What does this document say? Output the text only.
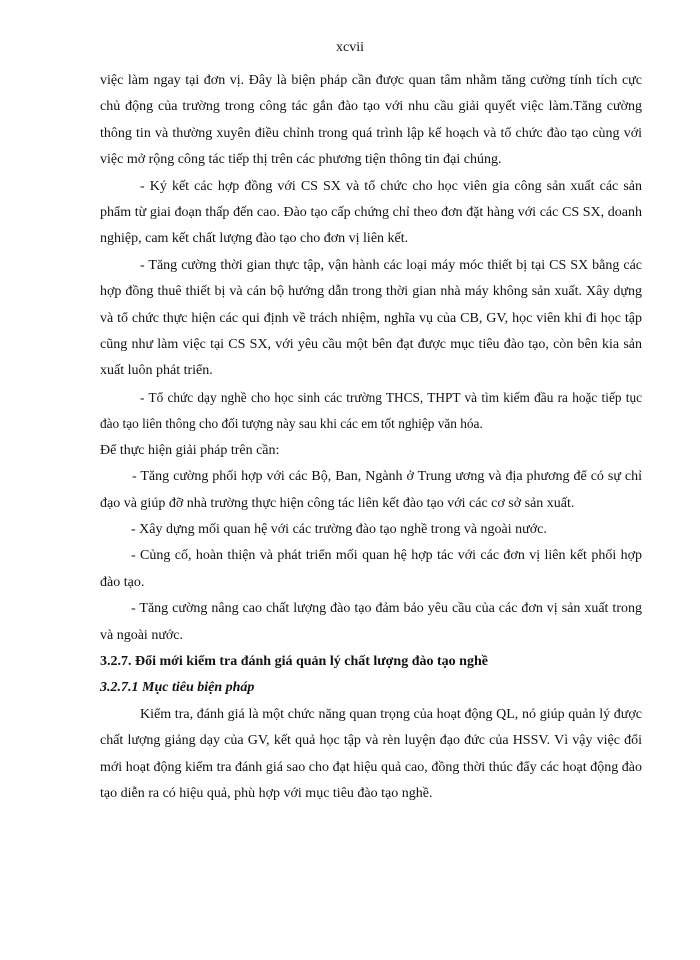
xcvii

việc làm ngay tại đơn vị. Đây là biện pháp cần được quan tâm nhằm tăng cường tính tích cực chủ động của trường trong công tác gắn đào tạo với nhu cầu giải quyết việc làm.Tăng cường thông tin và thường xuyên điều chỉnh trong quá trình lập kế hoạch và tổ chức đào tạo cùng với việc mở rộng công tác tiếp thị trên các phương tiện thông tin đại chúng.

- Ký kết các hợp đồng với CS SX và tổ chức cho học viên gia công sản xuất các sản phẩm từ giai đoạn thấp đến cao. Đào tạo cấp chứng chỉ theo đơn đặt hàng với các CS SX, doanh nghiệp, cam kết chất lượng đào tạo cho đơn vị liên kết.

- Tăng cường thời gian thực tập, vận hành các loại máy móc thiết bị tại CS SX bằng các hợp đồng thuê thiết bị và cán bộ hướng dẫn trong thời gian nhà máy không sản xuất. Xây dựng và tổ chức thực hiện các qui định về trách nhiệm, nghĩa vụ của CB, GV, học viên khi đi học tập cũng như làm việc tại CS SX, với yêu cầu một bên đạt được mục tiêu đào tạo, còn bên kia sản xuất luôn phát triển.

- Tổ chức dạy nghề cho học sinh các trường THCS, THPT và tìm kiếm đầu ra hoặc tiếp tục đào tạo liên thông cho đối tượng này sau khi các em tốt nghiệp văn hóa.

Để thực hiện giải pháp trên cần:

- Tăng cường phối hợp với các Bộ, Ban, Ngành ở Trung ương và địa phương để có sự chỉ đạo và giúp đỡ nhà trường thực hiện công tác liên kết đào tạo với các cơ sở sản xuất.

- Xây dựng mối quan hệ với các trường đào tạo nghề trong và ngoài nước.

- Củng cố, hoàn thiện và phát triển mối quan hệ hợp tác với các đơn vị liên kết phối hợp đào tạo.

- Tăng cường nâng cao chất lượng đào tạo đảm bảo yêu cầu của các đơn vị sản xuất trong và ngoài nước.

3.2.7. Đổi mới kiểm tra đánh giá quản lý chất lượng đào tạo nghề

3.2.7.1 Mục tiêu biện pháp

Kiểm tra, đánh giá là một chức năng quan trọng của hoạt động QL, nó giúp quản lý được chất lượng giảng dạy của GV, kết quả học tập và rèn luyện đạo đức của HSSV. Vì vậy việc đổi mới hoạt động kiểm tra đánh giá sao cho đạt hiệu quả cao, đồng thời thúc đẩy các hoạt động đào tạo diễn ra có hiệu quả, phù hợp với mục tiêu đào tạo nghề.
